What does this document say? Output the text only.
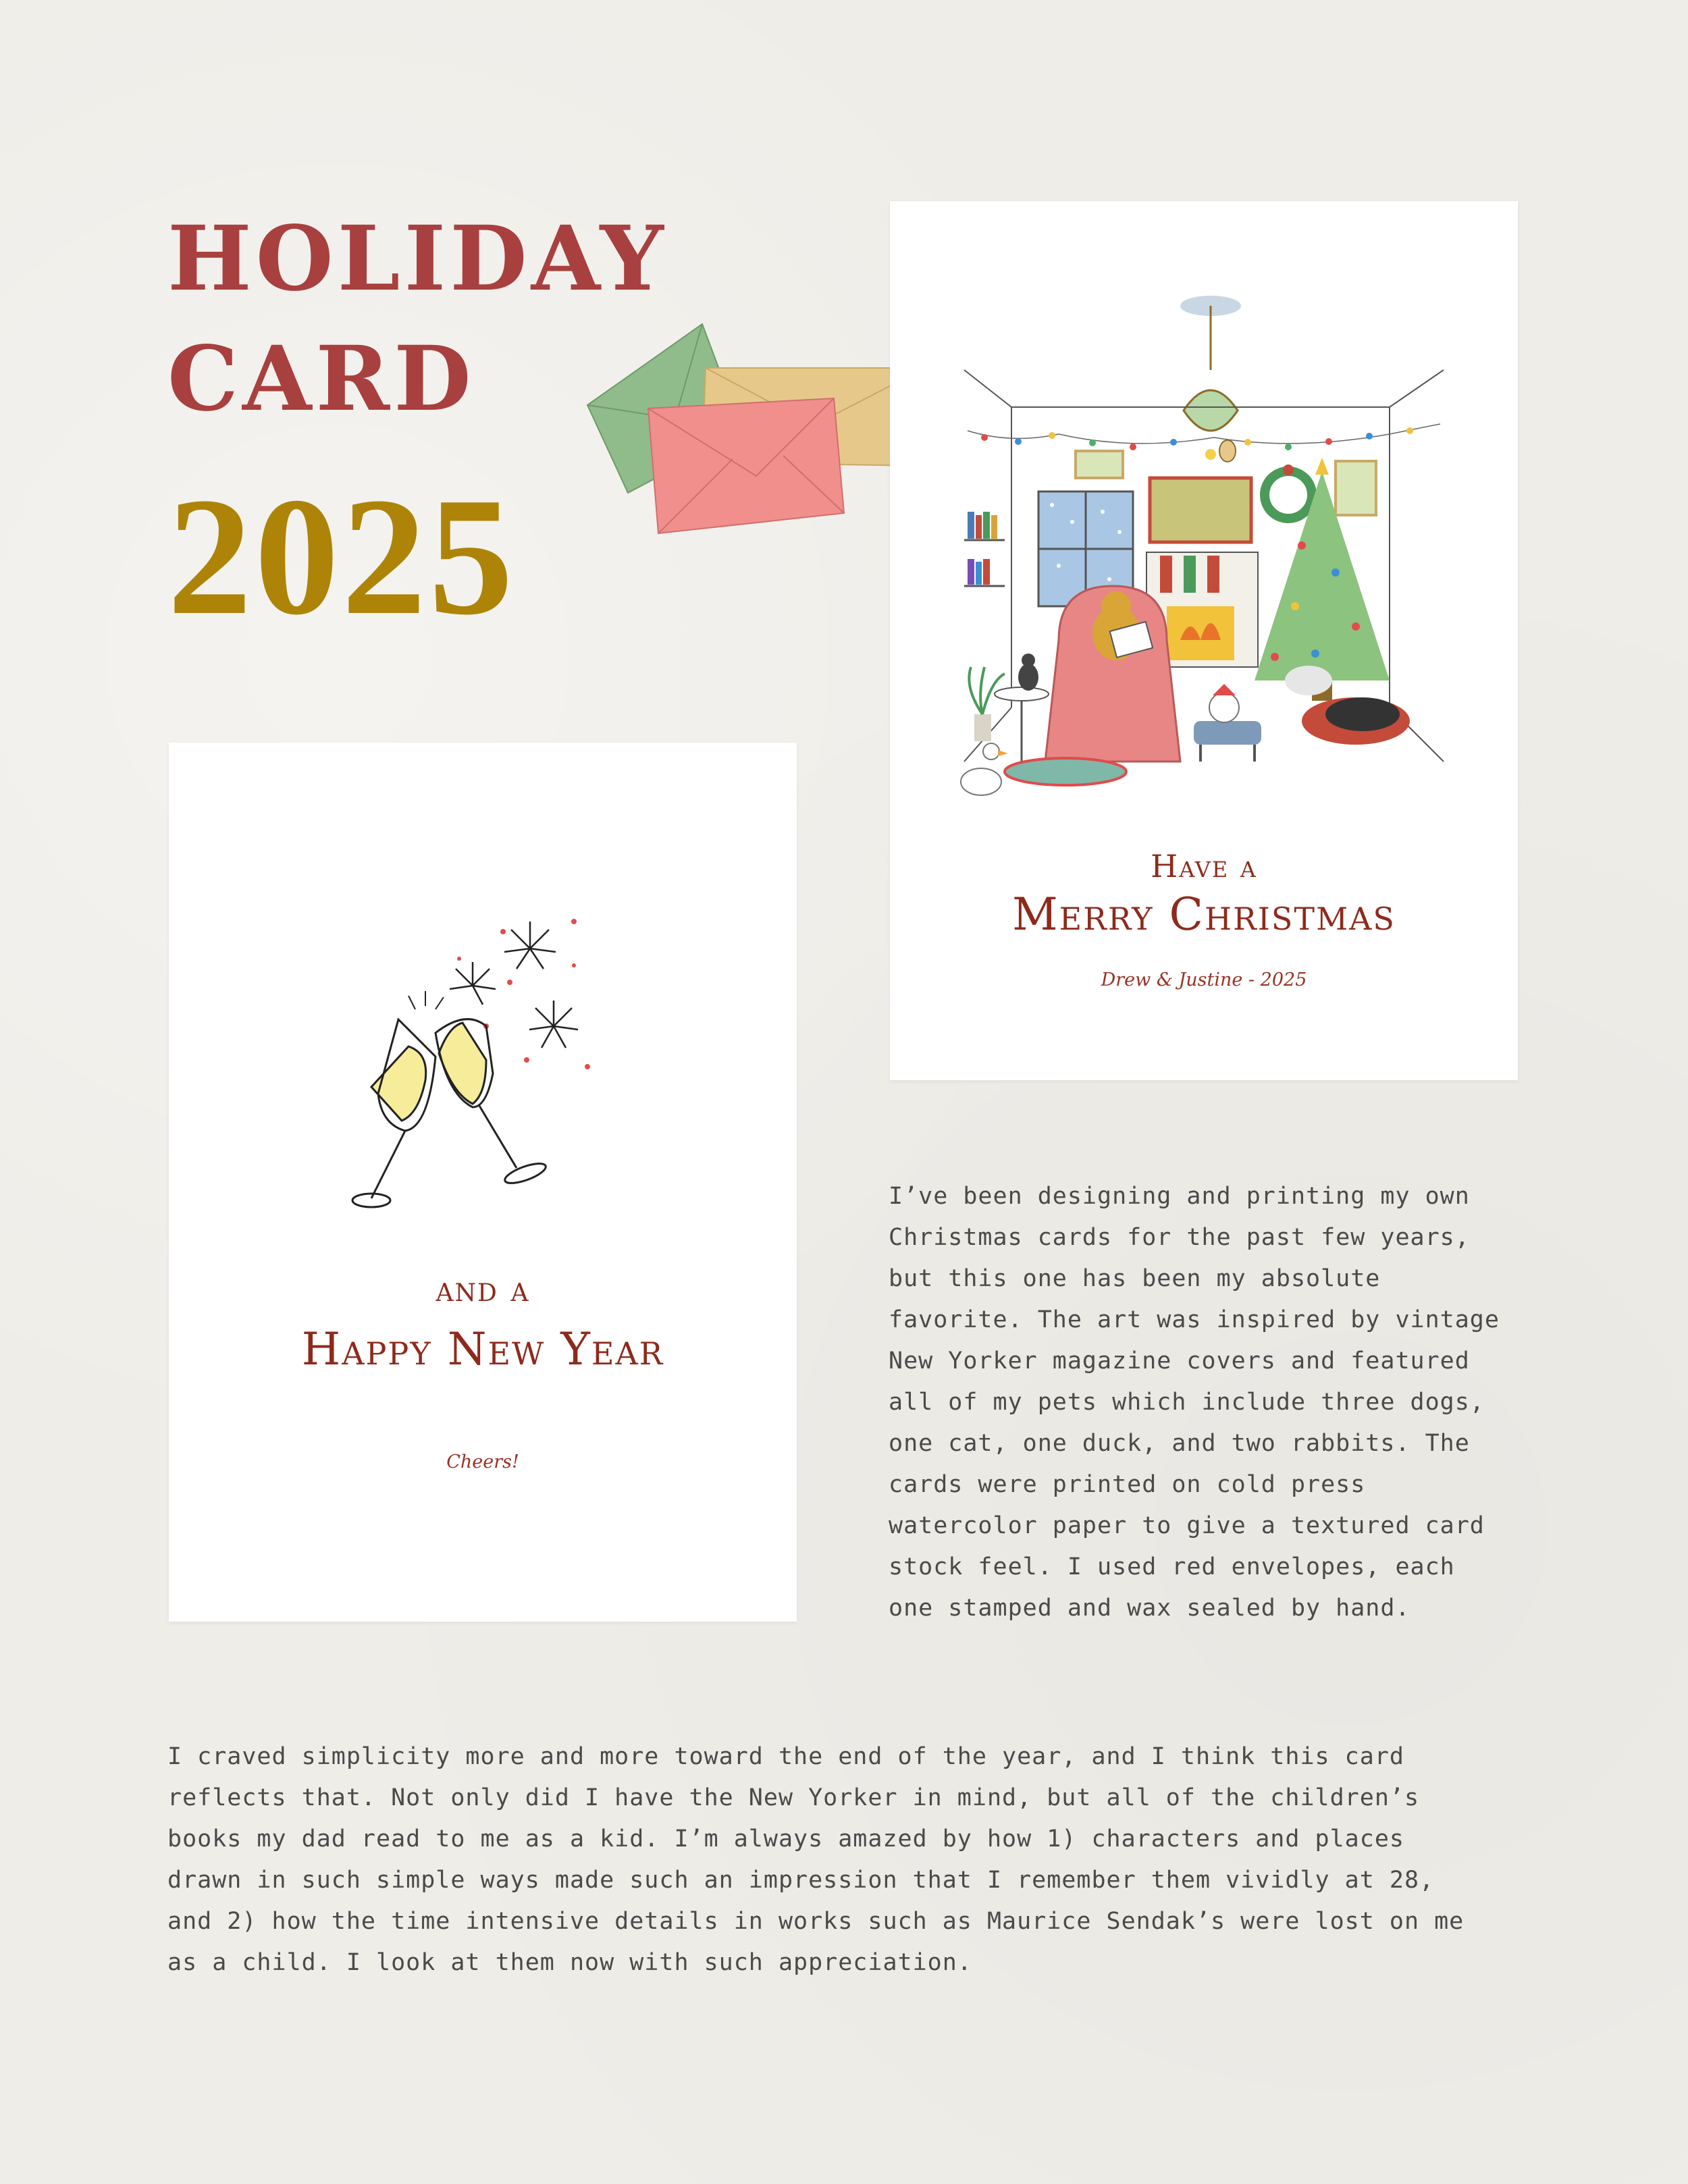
HOLIDAY
CARD
2025

Have a

Merry Christmas

Drew & Justine - 2025

and a

Happy New Year

Cheers!

I’ve been designing and printing my own
Christmas cards for the past few years,
but this one has been my absolute
favorite. The art was inspired by vintage
New Yorker magazine covers and featured
all of my pets which include three dogs,
one cat, one duck, and two rabbits. The
cards were printed on cold press
watercolor paper to give a textured card
stock feel. I used red envelopes, each
one stamped and wax sealed by hand.

I craved simplicity more and more toward the end of the year, and I think this card
reflects that. Not only did I have the New Yorker in mind, but all of the children’s
books my dad read to me as a kid. I’m always amazed by how 1) characters and places
drawn in such simple ways made such an impression that I remember them vividly at 28,
and 2) how the time intensive details in works such as Maurice Sendak’s were lost on me
as a child. I look at them now with such appreciation.
